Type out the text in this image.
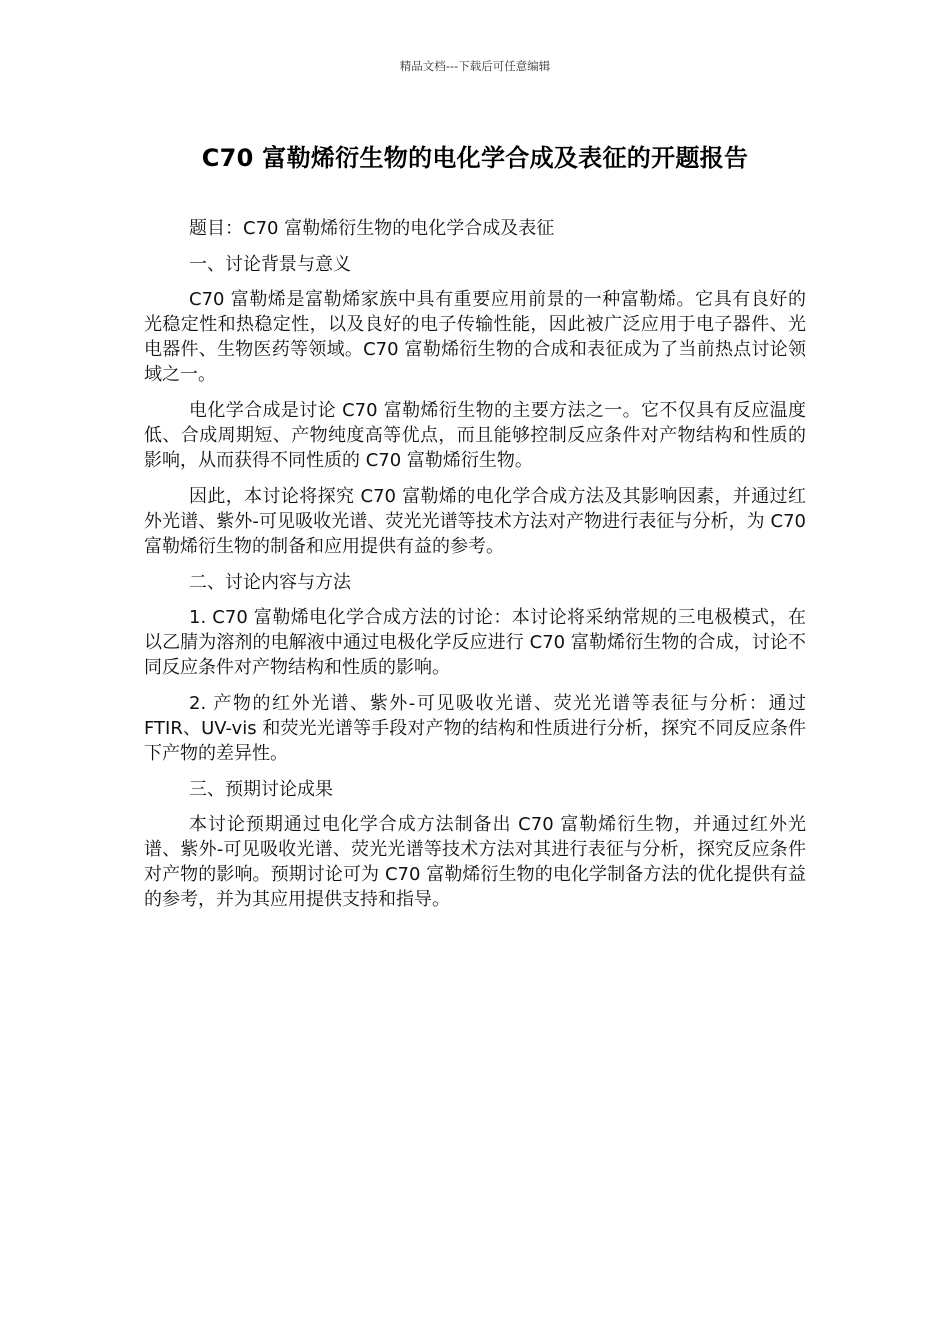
精品文档---下载后可任意编辑
C70 富勒烯衍生物的电化学合成及表征的开题报告

题目：C70 富勒烯衍生物的电化学合成及表征

一、讨论背景与意义

C70 富勒烯是富勒烯家族中具有重要应用前景的一种富勒烯。它具有良好的光稳定性和热稳定性，以及良好的电子传输性能，因此被广泛应用于电子器件、光电器件、生物医药等领域。C70 富勒烯衍生物的合成和表征成为了当前热点讨论领域之一。

电化学合成是讨论 C70 富勒烯衍生物的主要方法之一。它不仅具有反应温度低、合成周期短、产物纯度高等优点，而且能够控制反应条件对产物结构和性质的影响，从而获得不同性质的 C70 富勒烯衍生物。

因此，本讨论将探究 C70 富勒烯的电化学合成方法及其影响因素，并通过红外光谱、紫外-可见吸收光谱、荧光光谱等技术方法对产物进行表征与分析，为 C70 富勒烯衍生物的制备和应用提供有益的参考。

二、讨论内容与方法

1. C70 富勒烯电化学合成方法的讨论：本讨论将采纳常规的三电极模式，在以乙腈为溶剂的电解液中通过电极化学反应进行 C70 富勒烯衍生物的合成，讨论不同反应条件对产物结构和性质的影响。

2. 产物的红外光谱、紫外-可见吸收光谱、荧光光谱等表征与分析：通过 FTIR、UV-vis 和荧光光谱等手段对产物的结构和性质进行分析，探究不同反应条件下产物的差异性。

三、预期讨论成果

本讨论预期通过电化学合成方法制备出 C70 富勒烯衍生物，并通过红外光谱、紫外-可见吸收光谱、荧光光谱等技术方法对其进行表征与分析，探究反应条件对产物的影响。预期讨论可为 C70 富勒烯衍生物的电化学制备方法的优化提供有益的参考，并为其应用提供支持和指导。
